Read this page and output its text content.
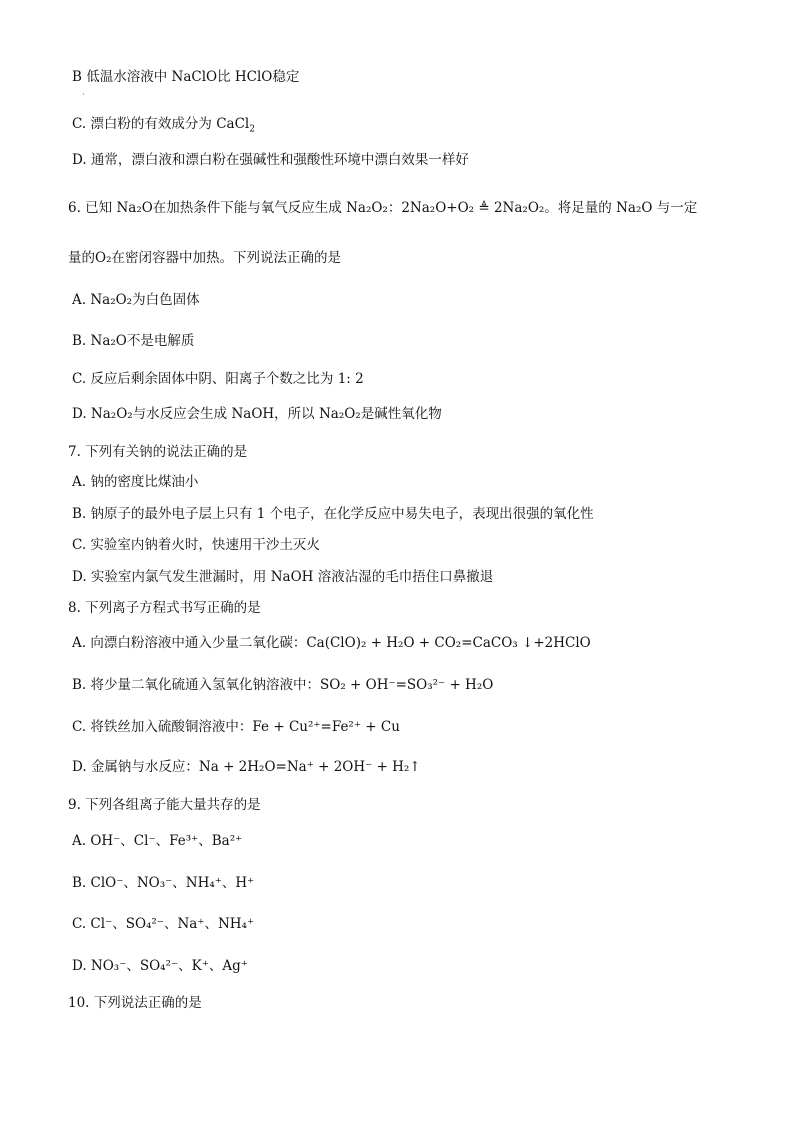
·
B 低温水溶液中 NaClO比 HClO稳定
C. 漂白粉的有效成分为 CaCl$_2$
D. 通常，漂白液和漂白粉在强碱性和强酸性环境中漂白效果一样好
6. 已知 Na₂O在加热条件下能与氧气反应生成 Na₂O₂：2Na₂O+O₂ ≜ 2Na₂O₂。将足量的 Na₂O 与一定
量的O₂在密闭容器中加热。下列说法正确的是
A. Na₂O₂为白色固体
B. Na₂O不是电解质
C. 反应后剩余固体中阴、阳离子个数之比为 1: 2
D. Na₂O₂与水反应会生成 NaOH，所以 Na₂O₂是碱性氧化物
7. 下列有关钠的说法正确的是
A. 钠的密度比煤油小
B. 钠原子的最外电子层上只有 1 个电子，在化学反应中易失电子，表现出很强的氧化性
C. 实验室内钠着火时，快速用干沙土灭火
D. 实验室内氯气发生泄漏时，用 NaOH 溶液沾湿的毛巾捂住口鼻撤退
8. 下列离子方程式书写正确的是
A. 向漂白粉溶液中通入少量二氧化碳：Ca(ClO)₂ + H₂O + CO₂=CaCO₃ ↓+2HClO
B. 将少量二氧化硫通入氢氧化钠溶液中：SO₂ + OH⁻=SO₃²⁻ + H₂O
C. 将铁丝加入硫酸铜溶液中：Fe + Cu²⁺=Fe²⁺ + Cu
D. 金属钠与水反应：Na + 2H₂O=Na⁺ + 2OH⁻ + H₂↑
9. 下列各组离子能大量共存的是
A. OH⁻、Cl⁻、Fe³⁺、Ba²⁺
B. ClO⁻、NO₃⁻、NH₄⁺、H⁺
C. Cl⁻、SO₄²⁻、Na⁺、NH₄⁺
D. NO₃⁻、SO₄²⁻、K⁺、Ag⁺
10. 下列说法正确的是
